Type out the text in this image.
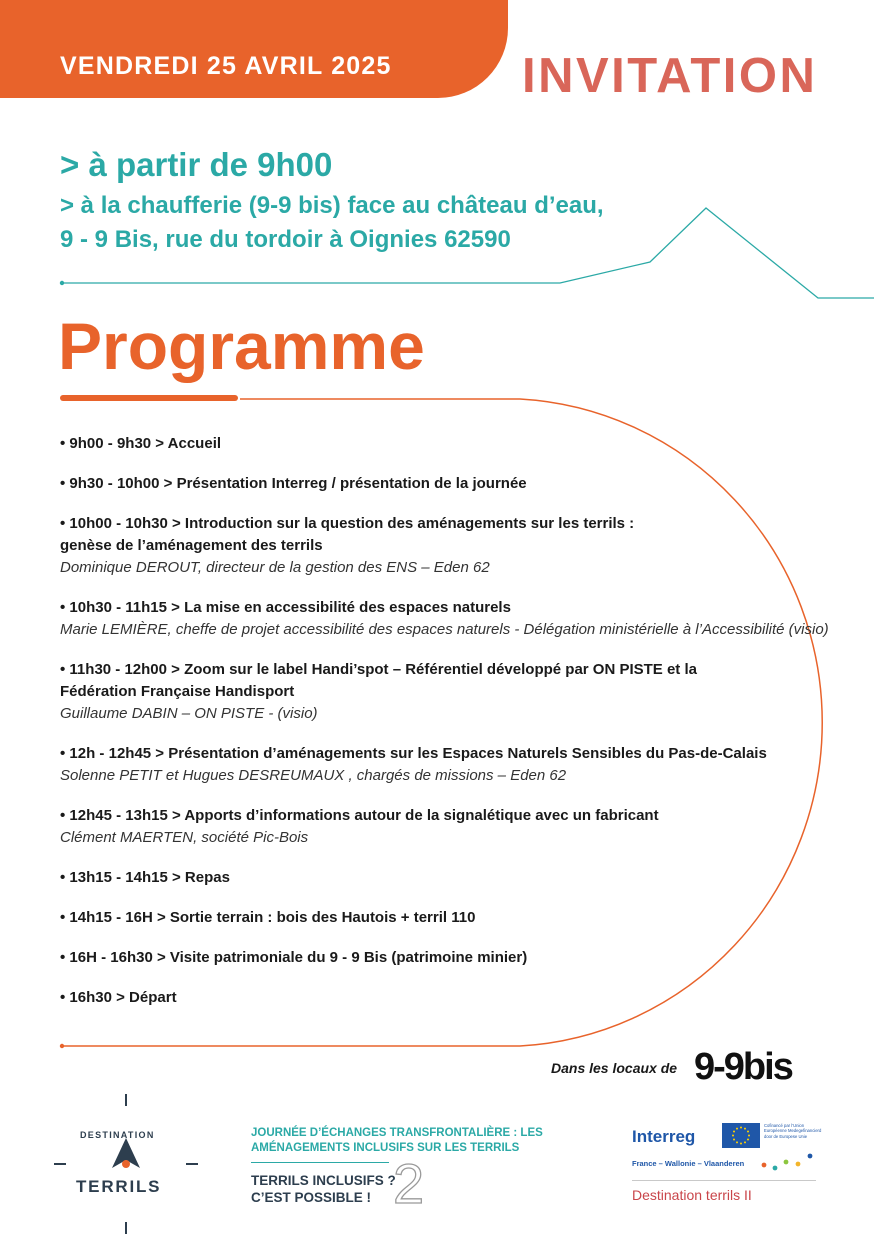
VENDREDI 25 AVRIL 2025	INVITATION
> à partir de 9h00
> à la chaufferie (9-9 bis) face au château d’eau,
9 - 9 Bis, rue du tordoir à Oignies 62590
Programme
• 9h00 - 9h30 > Accueil
• 9h30 - 10h00 > Présentation Interreg / présentation de la journée
• 10h00 - 10h30 > Introduction sur la question des aménagements sur les terrils :
genèse de l’aménagement des terrils
Dominique DEROUT, directeur de la gestion des ENS – Eden 62
• 10h30 - 11h15 > La mise en accessibilité des espaces naturels
Marie LEMIÈRE, cheffe de projet accessibilité des espaces naturels - Délégation ministérielle à l’Accessibilité (visio)
• 11h30 - 12h00 > Zoom sur le label Handi’spot – Référentiel développé par ON PISTE et la
Fédération Française Handisport
Guillaume DABIN – ON PISTE - (visio)
• 12h - 12h45 > Présentation d’aménagements sur les Espaces Naturels Sensibles du Pas-de-Calais
Solenne PETIT et Hugues DESREUMAUX , chargés de missions – Eden 62
• 12h45 - 13h15 > Apports d’informations autour de la signalétique avec un fabricant
Clément MAERTEN, société Pic-Bois
• 13h15 - 14h15 > Repas
• 14h15 - 16H > Sortie terrain : bois des Hautois + terril 110
• 16H - 16h30 > Visite patrimoniale du 9 - 9 Bis (patrimoine minier)
• 16h30 > Départ
Dans les locaux de 9-9bis
DESTINATION
TERRILS
JOURNÉE D’ÉCHANGES TRANSFRONTALIÈRE : LES AMÉNAGEMENTS INCLUSIFS SUR LES TERRILS
TERRILS INCLUSIFS ? C’EST POSSIBLE ! 2
Interreg
Cofinancé par l’Union Européenne Medegefinancierd door de Europese Unie
France – Wallonie – Vlaanderen
Destination terrils II
